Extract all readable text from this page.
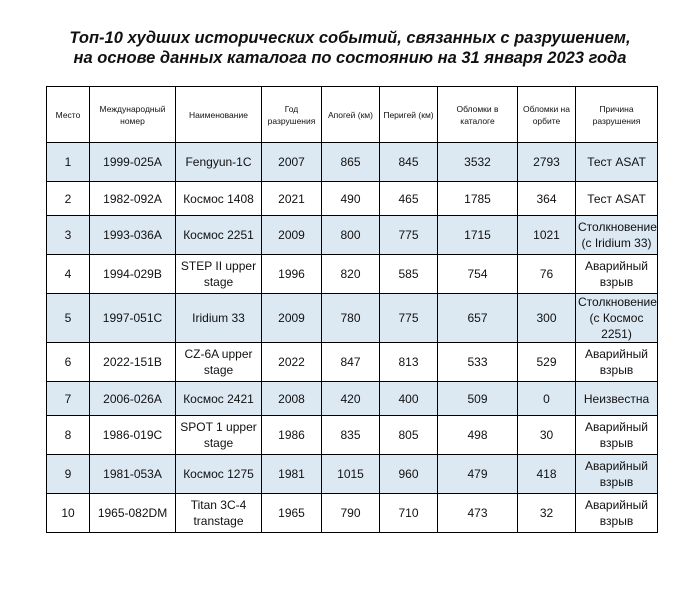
Топ-10 худших исторических событий, связанных с разрушением,
на основе данных каталога по состоянию на 31 января 2023 года
Место	Международный номер	Наименование	Год разрушения	Апогей (км)	Перигей (км)	Обломки в каталоге	Обломки на орбите	Причина разрушения
1	1999-025A	Fengyun-1C	2007	865	845	3532	2793	Тест ASAT
2	1982-092A	Космос 1408	2021	490	465	1785	364	Тест ASAT
3	1993-036A	Космос 2251	2009	800	775	1715	1021	Столкновение (с Iridium 33)
4	1994-029B	STEP II upper stage	1996	820	585	754	76	Аварийный взрыв
5	1997-051C	Iridium 33	2009	780	775	657	300	Столкновение (с Космос 2251)
6	2022-151B	CZ-6A upper stage	2022	847	813	533	529	Аварийный взрыв
7	2006-026A	Космос 2421	2008	420	400	509	0	Неизвестна
8	1986-019C	SPOT 1 upper stage	1986	835	805	498	30	Аварийный взрыв
9	1981-053A	Космос 1275	1981	1015	960	479	418	Аварийный взрыв
10	1965-082DM	Titan 3C-4 transtage	1965	790	710	473	32	Аварийный взрыв
